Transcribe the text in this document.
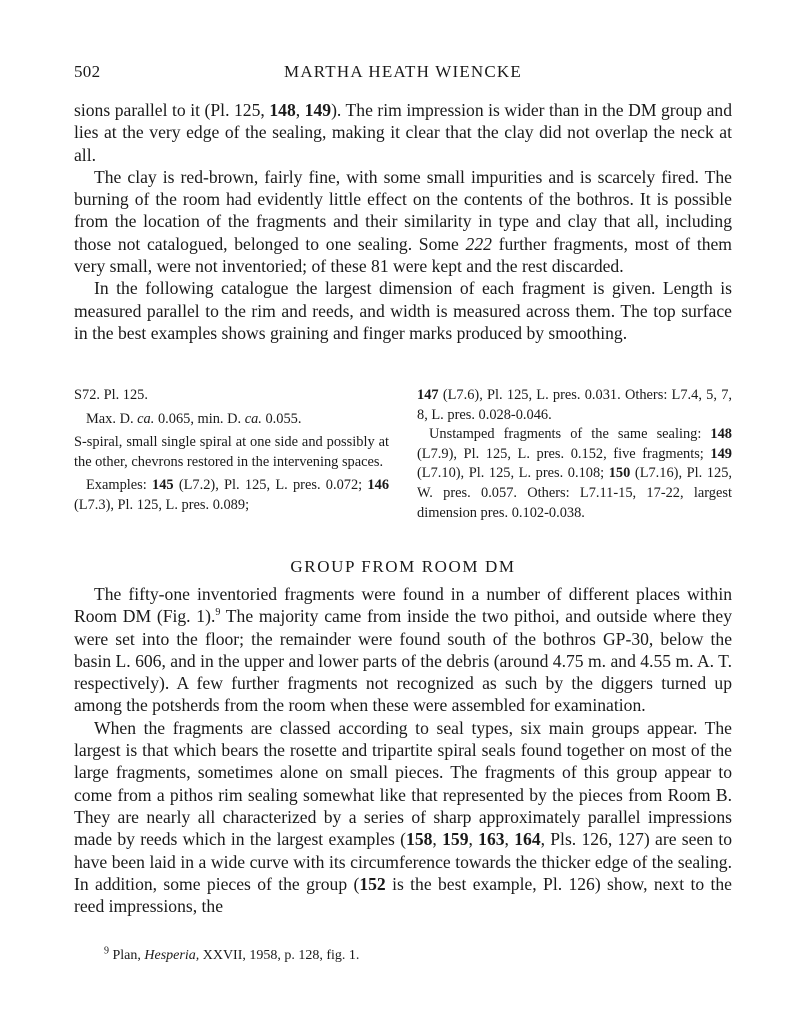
502	MARTHA HEATH WIENCKE

sions parallel to it (Pl. 125, 148, 149). The rim impression is wider than in the DM group and lies at the very edge of the sealing, making it clear that the clay did not overlap the neck at all.

The clay is red-brown, fairly fine, with some small impurities and is scarcely fired. The burning of the room had evidently little effect on the contents of the bothros. It is possible from the location of the fragments and their similarity in type and clay that all, including those not catalogued, belonged to one sealing. Some 222 further fragments, most of them very small, were not inventoried; of these 81 were kept and the rest discarded.

In the following catalogue the largest dimension of each fragment is given. Length is measured parallel to the rim and reeds, and width is measured across them. The top surface in the best examples shows graining and finger marks produced by smoothing.

S72. Pl. 125.

Max. D. ca. 0.065, min. D. ca. 0.055.

S-spiral, small single spiral at one side and possibly at the other, chevrons restored in the intervening spaces.

Examples: 145 (L7.2), Pl. 125, L. pres. 0.072; 146 (L7.3), Pl. 125, L. pres. 0.089;

147 (L7.6), Pl. 125, L. pres. 0.031. Others: L7.4, 5, 7, 8, L. pres. 0.028-0.046.

Unstamped fragments of the same sealing: 148 (L7.9), Pl. 125, L. pres. 0.152, five fragments; 149 (L7.10), Pl. 125, L. pres. 0.108; 150 (L7.16), Pl. 125, W. pres. 0.057. Others: L7.11-15, 17-22, largest dimension pres. 0.102-0.038.

GROUP FROM ROOM DM

The fifty-one inventoried fragments were found in a number of different places within Room DM (Fig. 1).$^9$ The majority came from inside the two pithoi, and outside where they were set into the floor; the remainder were found south of the bothros GP-30, below the basin L. 606, and in the upper and lower parts of the debris (around 4.75 m. and 4.55 m. A. T. respectively). A few further fragments not recognized as such by the diggers turned up among the potsherds from the room when these were assembled for examination.

When the fragments are classed according to seal types, six main groups appear. The largest is that which bears the rosette and tripartite spiral seals found together on most of the large fragments, sometimes alone on small pieces. The fragments of this group appear to come from a pithos rim sealing somewhat like that represented by the pieces from Room B. They are nearly all characterized by a series of sharp approximately parallel impressions made by reeds which in the largest examples (158, 159, 163, 164, Pls. 126, 127) are seen to have been laid in a wide curve with its circumference towards the thicker edge of the sealing. In addition, some pieces of the group (152 is the best example, Pl. 126) show, next to the reed impressions, the

$^9$ Plan, Hesperia, XXVII, 1958, p. 128, fig. 1.
